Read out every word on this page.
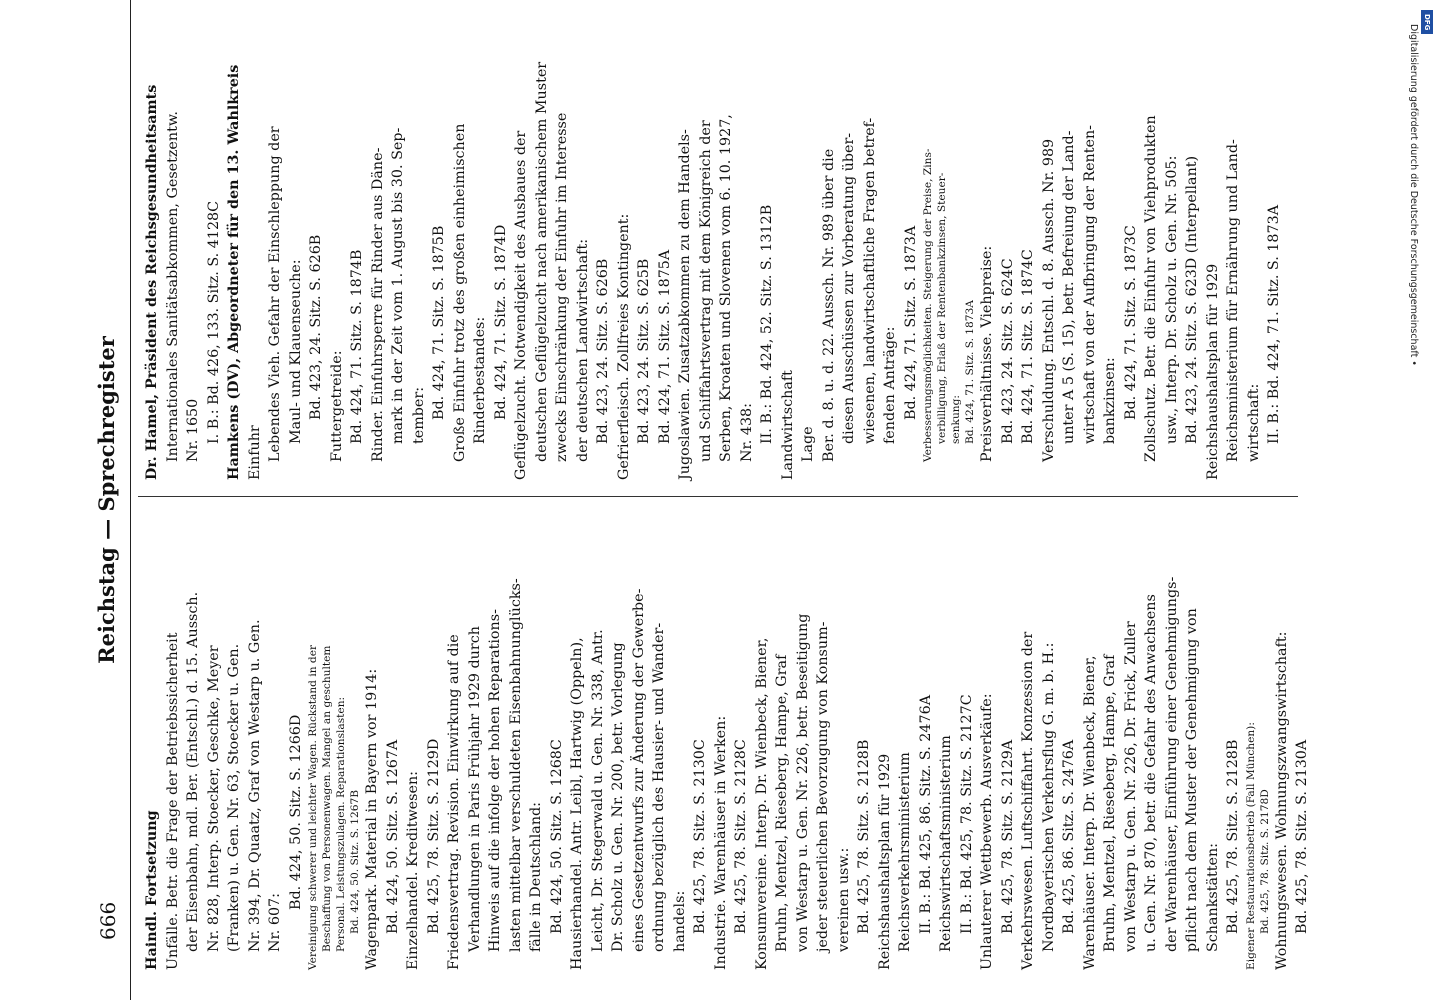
666
Reichstag — Sprechregister
Haindl. Fortsetzung Unfälle. Betr. die Frage der Betriebssicherheit der Eisenbahn, mdl. Ber. (Entschl.) d. 15. Aussch. Nr. 828, Interp. Stoecker, Geschke, Meyer (Franken) u. Gen. Nr. 63, Stoecker u. Gen. Nr. 394, Dr. Quaatz, Graf von Westarp u. Gen. Nr. 607:
Bd. 424, 50. Sitz. S. 1266D Vereinigung schwerer und leichter Wagen. Rückstand in der Beschaffung von Personenwagen. Mangel an geschultem Personal. Leistungszulagen. Reparationslasten: Bd. 424, 50. Sitz. S. 1267B Wagenpark. Material in Bayern vor 1914: Bd. 424, 50. Sitz. S. 1267A Einzelhandel. Kreditwesen: Bd. 425, 78. Sitz. S. 2129D Friedensvertrag. Revision. Einwirkung auf die Verhandlungen in Paris Frühjahr 1929 durch Hinweis auf die infolge der hohen Reparations- lasten mittelbar verschuldeten Eisenbahnunglücks- fälle in Deutschland: Bd. 424, 50. Sitz. S. 1268C Hausierhandel. Antr. Leibl, Hartwig (Oppeln), Leicht, Dr. Stegerwald u. Gen. Nr. 338, Antr. Dr. Scholz u. Gen. Nr. 200, betr. Vorlegung eines Gesetzentwurfs zur Änderung der Gewerbe- ordnung bezüglich des Hausier- und Wander- handels: Bd. 425, 78. Sitz. S. 2130C Industrie. Warenhäuser in Werken: Bd. 425, 78. Sitz. S. 2128C Konsumvereine. Interp. Dr. Wienbeck, Biener, Bruhn, Mentzel, Rieseberg, Hampe, Graf von Westarp u. Gen. Nr. 226, betr. Beseitigung jeder steuerlichen Bevorzugung von Konsum- vereinen usw.: Bd. 425, 78. Sitz. S. 2128B Reichshaushaltsplan für 1929 Reichsverkehrsministerium II. B.: Bd. 425, 86. Sitz. S. 2476A Reichswirtschaftsministerium II. B.: Bd. 425, 78. Sitz. S. 2127C Unlauterer Wettbewerb. Ausverkäufe: Bd. 425, 78. Sitz. S. 2129A Verkehrswesen. Luftschiffahrt. Konzession der Nordbayerischen Verkehrsflug G. m. b. H.: Bd. 425, 86. Sitz. S. 2476A Warenhäuser. Interp. Dr. Wienbeck, Biener, Bruhn, Mentzel, Rieseberg, Hampe, Graf von Westarp u. Gen. Nr. 226, Dr. Frick, Zuller u. Gen. Nr. 870, betr. die Gefahr des Anwachsens der Warenhäuser, Einführung einer Genehmigungs- pflicht nach dem Muster der Genehmigung von Schankstätten: Bd. 425, 78. Sitz. S. 2128B Eigener Restaurationsbetrieb (Fall München): Bd. 425, 78. Sitz. S. 2178D Wohnungswesen. Wohnungszwangswirtschaft: Bd. 425, 78. Sitz. S. 2130A
Dr. Hamel, Präsident des Reichsgesundheitsamts Internationales Sanitätsabkommen, Gesetzentw. Nr. 1650 I. B.: Bd. 426, 133. Sitz. S. 4128C Hamkens (DV), Abgeordneter für den 13. Wahlkreis Einfuhr Lebendes Vieh. Gefahr der Einschleppung der Maul- und Klauenseuche: Bd. 423, 24. Sitz. S. 626B Futtergetreide: Bd. 424, 71. Sitz. S. 1874B Rinder. Einfuhrsperre für Rinder aus Däne- mark in der Zeit vom 1. August bis 30. Sep- tember: Bd. 424, 71. Sitz. S. 1875B Große Einfuhr trotz des großen einheimischen Rinderbestandes: Bd. 424, 71. Sitz. S. 1874D Geflügelzucht. Notwendigkeit des Ausbaues der deutschen Geflügelzucht nach amerikanischem Muster zwecks Einschränkung der Einfuhr im Interesse der deutschen Landwirtschaft: Bd. 423, 24. Sitz. S. 626B Gefrierfleisch. Zollfreies Kontingent: Bd. 423, 24. Sitz. S. 625B Bd. 424, 71. Sitz. S. 1875A Jugoslawien. Zusatzabkommen zu dem Handels- und Schiffahrtsvertrag mit dem Königreich der Serben, Kroaten und Slovenen vom 6. 10. 1927, Nr. 438: II. B.: Bd. 424, 52. Sitz. S. 1312B Landwirtschaft Lage Ber. d. 8. u. d. 22. Aussch. Nr. 989 über die diesen Ausschüssen zur Vorberatung über- wiesenen, landwirtschaftliche Fragen betref- fenden Anträge: Bd. 424, 71. Sitz. S. 1873A Verbesserungsmöglichkeiten. Steigerung der Preise, Zins- verbilligung, Erlaß der Rentenbankzinsen, Steuer- senkung: Bd. 424, 71. Sitz. S. 1873A Preisverhältnisse. Viehpreise: Bd. 423, 24. Sitz. S. 624C Bd. 424, 71. Sitz. S. 1874C Verschuldung. Entschl. d. 8. Aussch. Nr. 989 unter A 5 (S. 15), betr. Befreiung der Land- wirtschaft von der Aufbringung der Renten- bankzinsen: Bd. 424, 71. Sitz. S. 1873C Zollschutz. Betr. die Einfuhr von Viehprodukten usw., Interp. Dr. Scholz u. Gen. Nr. 505: Bd. 423, 24. Sitz. S. 623D (Interpellant) Reichshaushaltsplan für 1929 Reichsministerium für Ernährung und Land- wirtschaft: II. B.: Bd. 424, 71. Sitz. S. 1873A
DFG
Digitalisierung gefördert durch die Deutsche Forschungsgemeinschaft •
